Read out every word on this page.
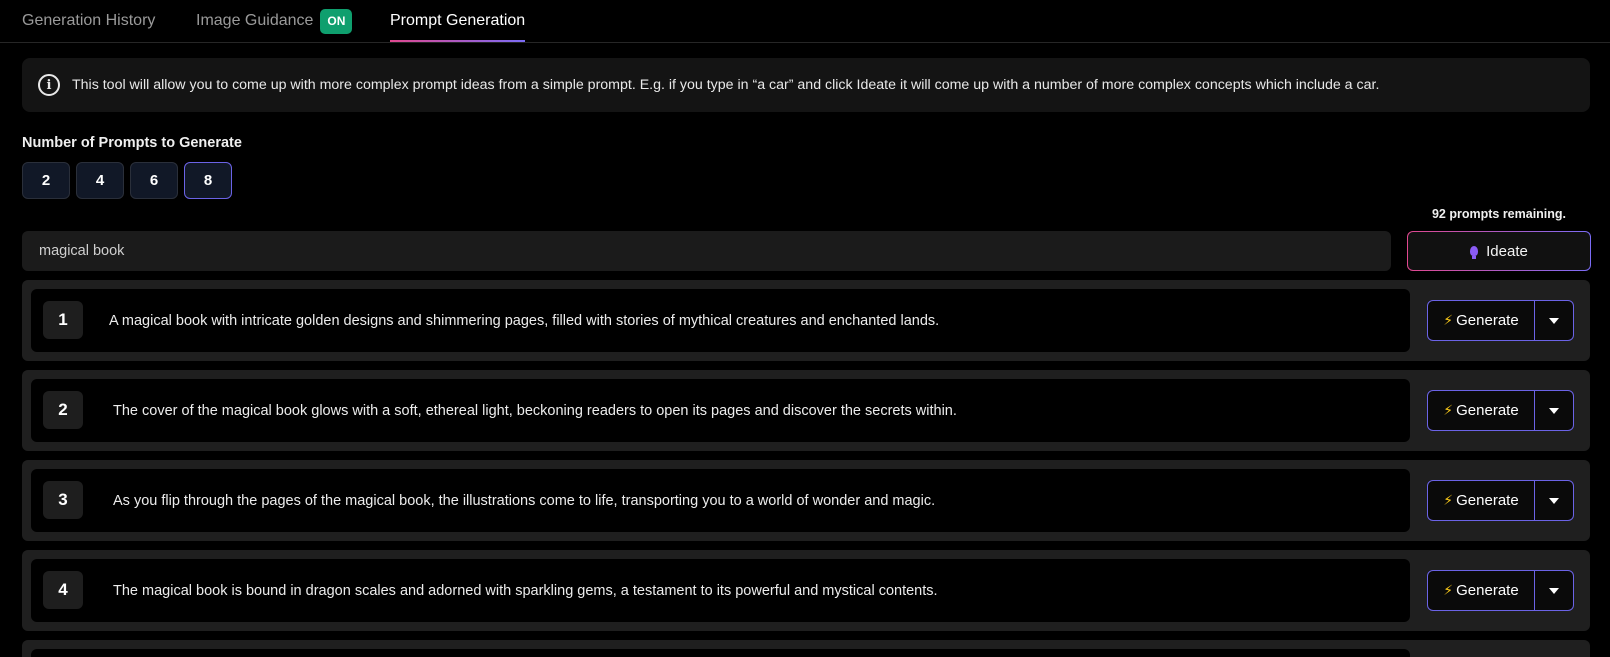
Generation History	Image Guidance	ON	Prompt Generation
i	This tool will allow you to come up with more complex prompt ideas from a simple prompt. E.g. if you type in “a car” and click Ideate it will come up with a number of more complex concepts which include a car.
Number of Prompts to Generate
2	4	6	8
92 prompts remaining.
magical book
Ideate
1	A magical book with intricate golden designs and shimmering pages, filled with stories of mythical creatures and enchanted lands.	⚡ Generate
2	The cover of the magical book glows with a soft, ethereal light, beckoning readers to open its pages and discover the secrets within.	⚡ Generate
3	As you flip through the pages of the magical book, the illustrations come to life, transporting you to a world of wonder and magic.	⚡ Generate
4	The magical book is bound in dragon scales and adorned with sparkling gems, a testament to its powerful and mystical contents.	⚡ Generate
